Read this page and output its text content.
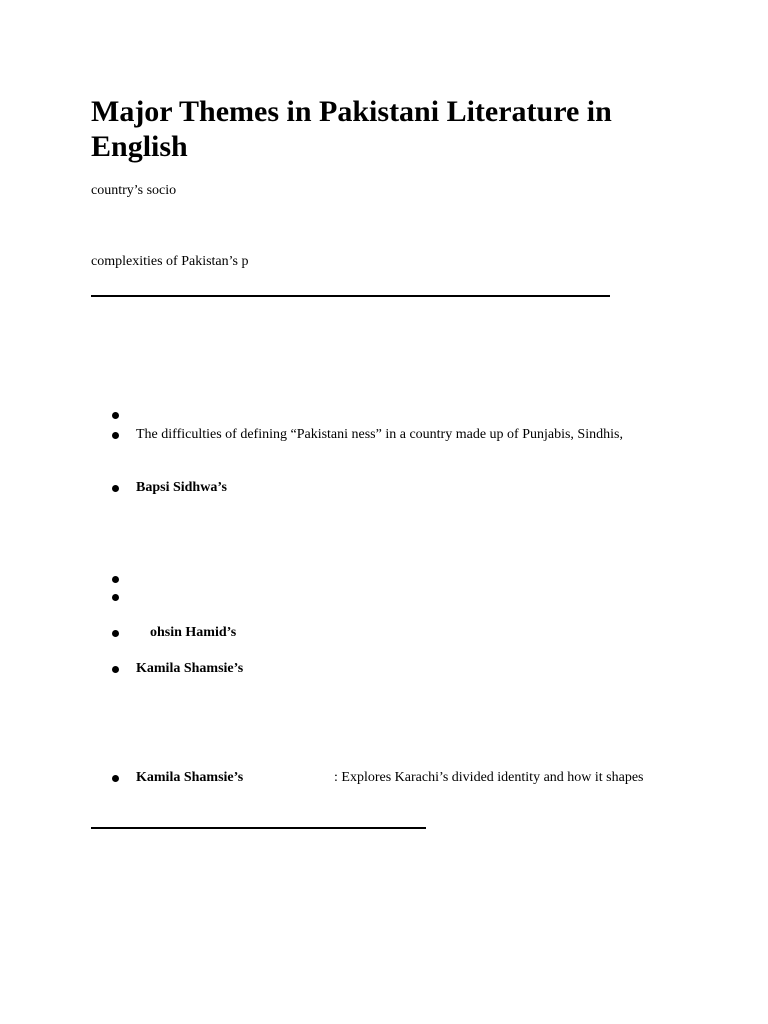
Major Themes in Pakistani Literature in English
country’s socio
complexities of Pakistan’s p
The difficulties of defining “Pakistani ness” in a country made up of Punjabis, Sindhis,
Bapsi Sidhwa’s
ohsin Hamid’s
Kamila Shamsie’s
Kamila Shamsie’s	: Explores Karachi’s divided identity and how it shapes
